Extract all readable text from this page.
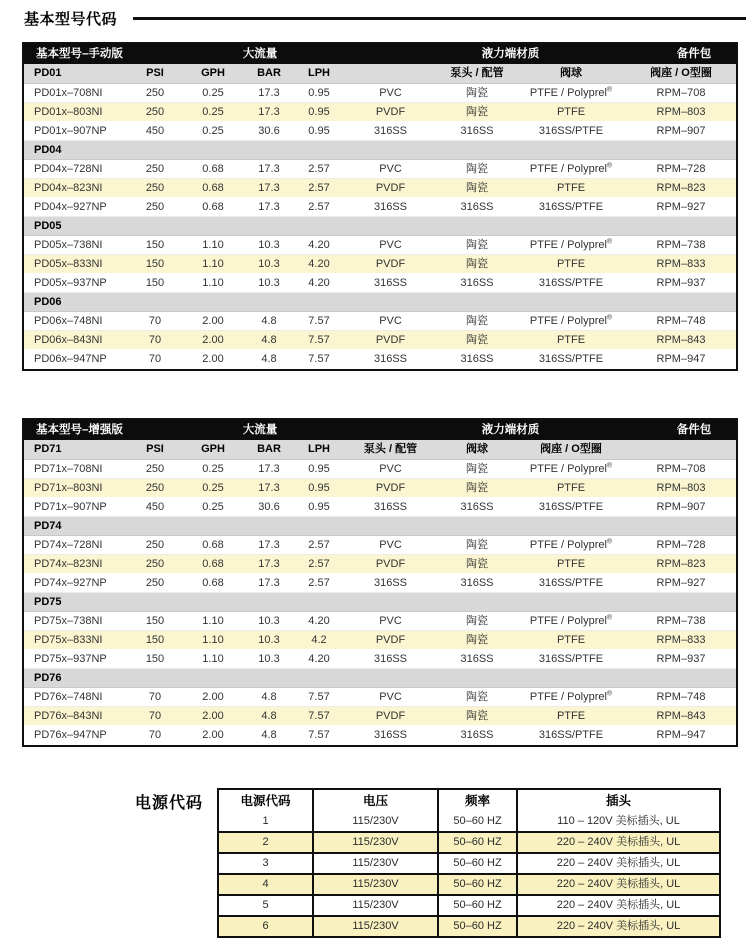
基本型号代码
基本型号–手动版	大流量	液力端材质	备件包
PD01	PSI	GPH	BAR	LPH	泵头 / 配管	阀球	阀座 / O型圈
PD01x–708NI	250	0.25	17.3	0.95	PVC	陶瓷	PTFE / Polyprel®	RPM–708
PD01x–803NI	250	0.25	17.3	0.95	PVDF	陶瓷	PTFE	RPM–803
PD01x–907NP	450	0.25	30.6	0.95	316SS	316SS	316SS/PTFE	RPM–907
PD04
PD04x–728NI	250	0.68	17.3	2.57	PVC	陶瓷	PTFE / Polyprel®	RPM–728
PD04x–823NI	250	0.68	17.3	2.57	PVDF	陶瓷	PTFE	RPM–823
PD04x–927NP	250	0.68	17.3	2.57	316SS	316SS	316SS/PTFE	RPM–927
PD05
PD05x–738NI	150	1.10	10.3	4.20	PVC	陶瓷	PTFE / Polyprel®	RPM–738
PD05x–833NI	150	1.10	10.3	4.20	PVDF	陶瓷	PTFE	RPM–833
PD05x–937NP	150	1.10	10.3	4.20	316SS	316SS	316SS/PTFE	RPM–937
PD06
PD06x–748NI	70	2.00	4.8	7.57	PVC	陶瓷	PTFE / Polyprel®	RPM–748
PD06x–843NI	70	2.00	4.8	7.57	PVDF	陶瓷	PTFE	RPM–843
PD06x–947NP	70	2.00	4.8	7.57	316SS	316SS	316SS/PTFE	RPM–947
基本型号–增强版	大流量	液力端材质	备件包
PD71	PSI	GPH	BAR	LPH	泵头 / 配管	阀球	阀座 / O型圈
PD71x–708NI	250	0.25	17.3	0.95	PVC	陶瓷	PTFE / Polyprel®	RPM–708
PD71x–803NI	250	0.25	17.3	0.95	PVDF	陶瓷	PTFE	RPM–803
PD71x–907NP	450	0.25	30.6	0.95	316SS	316SS	316SS/PTFE	RPM–907
PD74
PD74x–728NI	250	0.68	17.3	2.57	PVC	陶瓷	PTFE / Polyprel®	RPM–728
PD74x–823NI	250	0.68	17.3	2.57	PVDF	陶瓷	PTFE	RPM–823
PD74x–927NP	250	0.68	17.3	2.57	316SS	316SS	316SS/PTFE	RPM–927
PD75
PD75x–738NI	150	1.10	10.3	4.20	PVC	陶瓷	PTFE / Polyprel®	RPM–738
PD75x–833NI	150	1.10	10.3	4.2	PVDF	陶瓷	PTFE	RPM–833
PD75x–937NP	150	1.10	10.3	4.20	316SS	316SS	316SS/PTFE	RPM–937
PD76
PD76x–748NI	70	2.00	4.8	7.57	PVC	陶瓷	PTFE / Polyprel®	RPM–748
PD76x–843NI	70	2.00	4.8	7.57	PVDF	陶瓷	PTFE	RPM–843
PD76x–947NP	70	2.00	4.8	7.57	316SS	316SS	316SS/PTFE	RPM–947
电源代码	电源代码	电压	频率	插头
1	115/230V	50–60 HZ	110 – 120V 美标插头, UL
2	115/230V	50–60 HZ	220 – 240V 美标插头, UL
3	115/230V	50–60 HZ	220 – 240V 美标插头, UL
4	115/230V	50–60 HZ	220 – 240V 美标插头, UL
5	115/230V	50–60 HZ	220 – 240V 美标插头, UL
6	115/230V	50–60 HZ	220 – 240V 美标插头, UL
